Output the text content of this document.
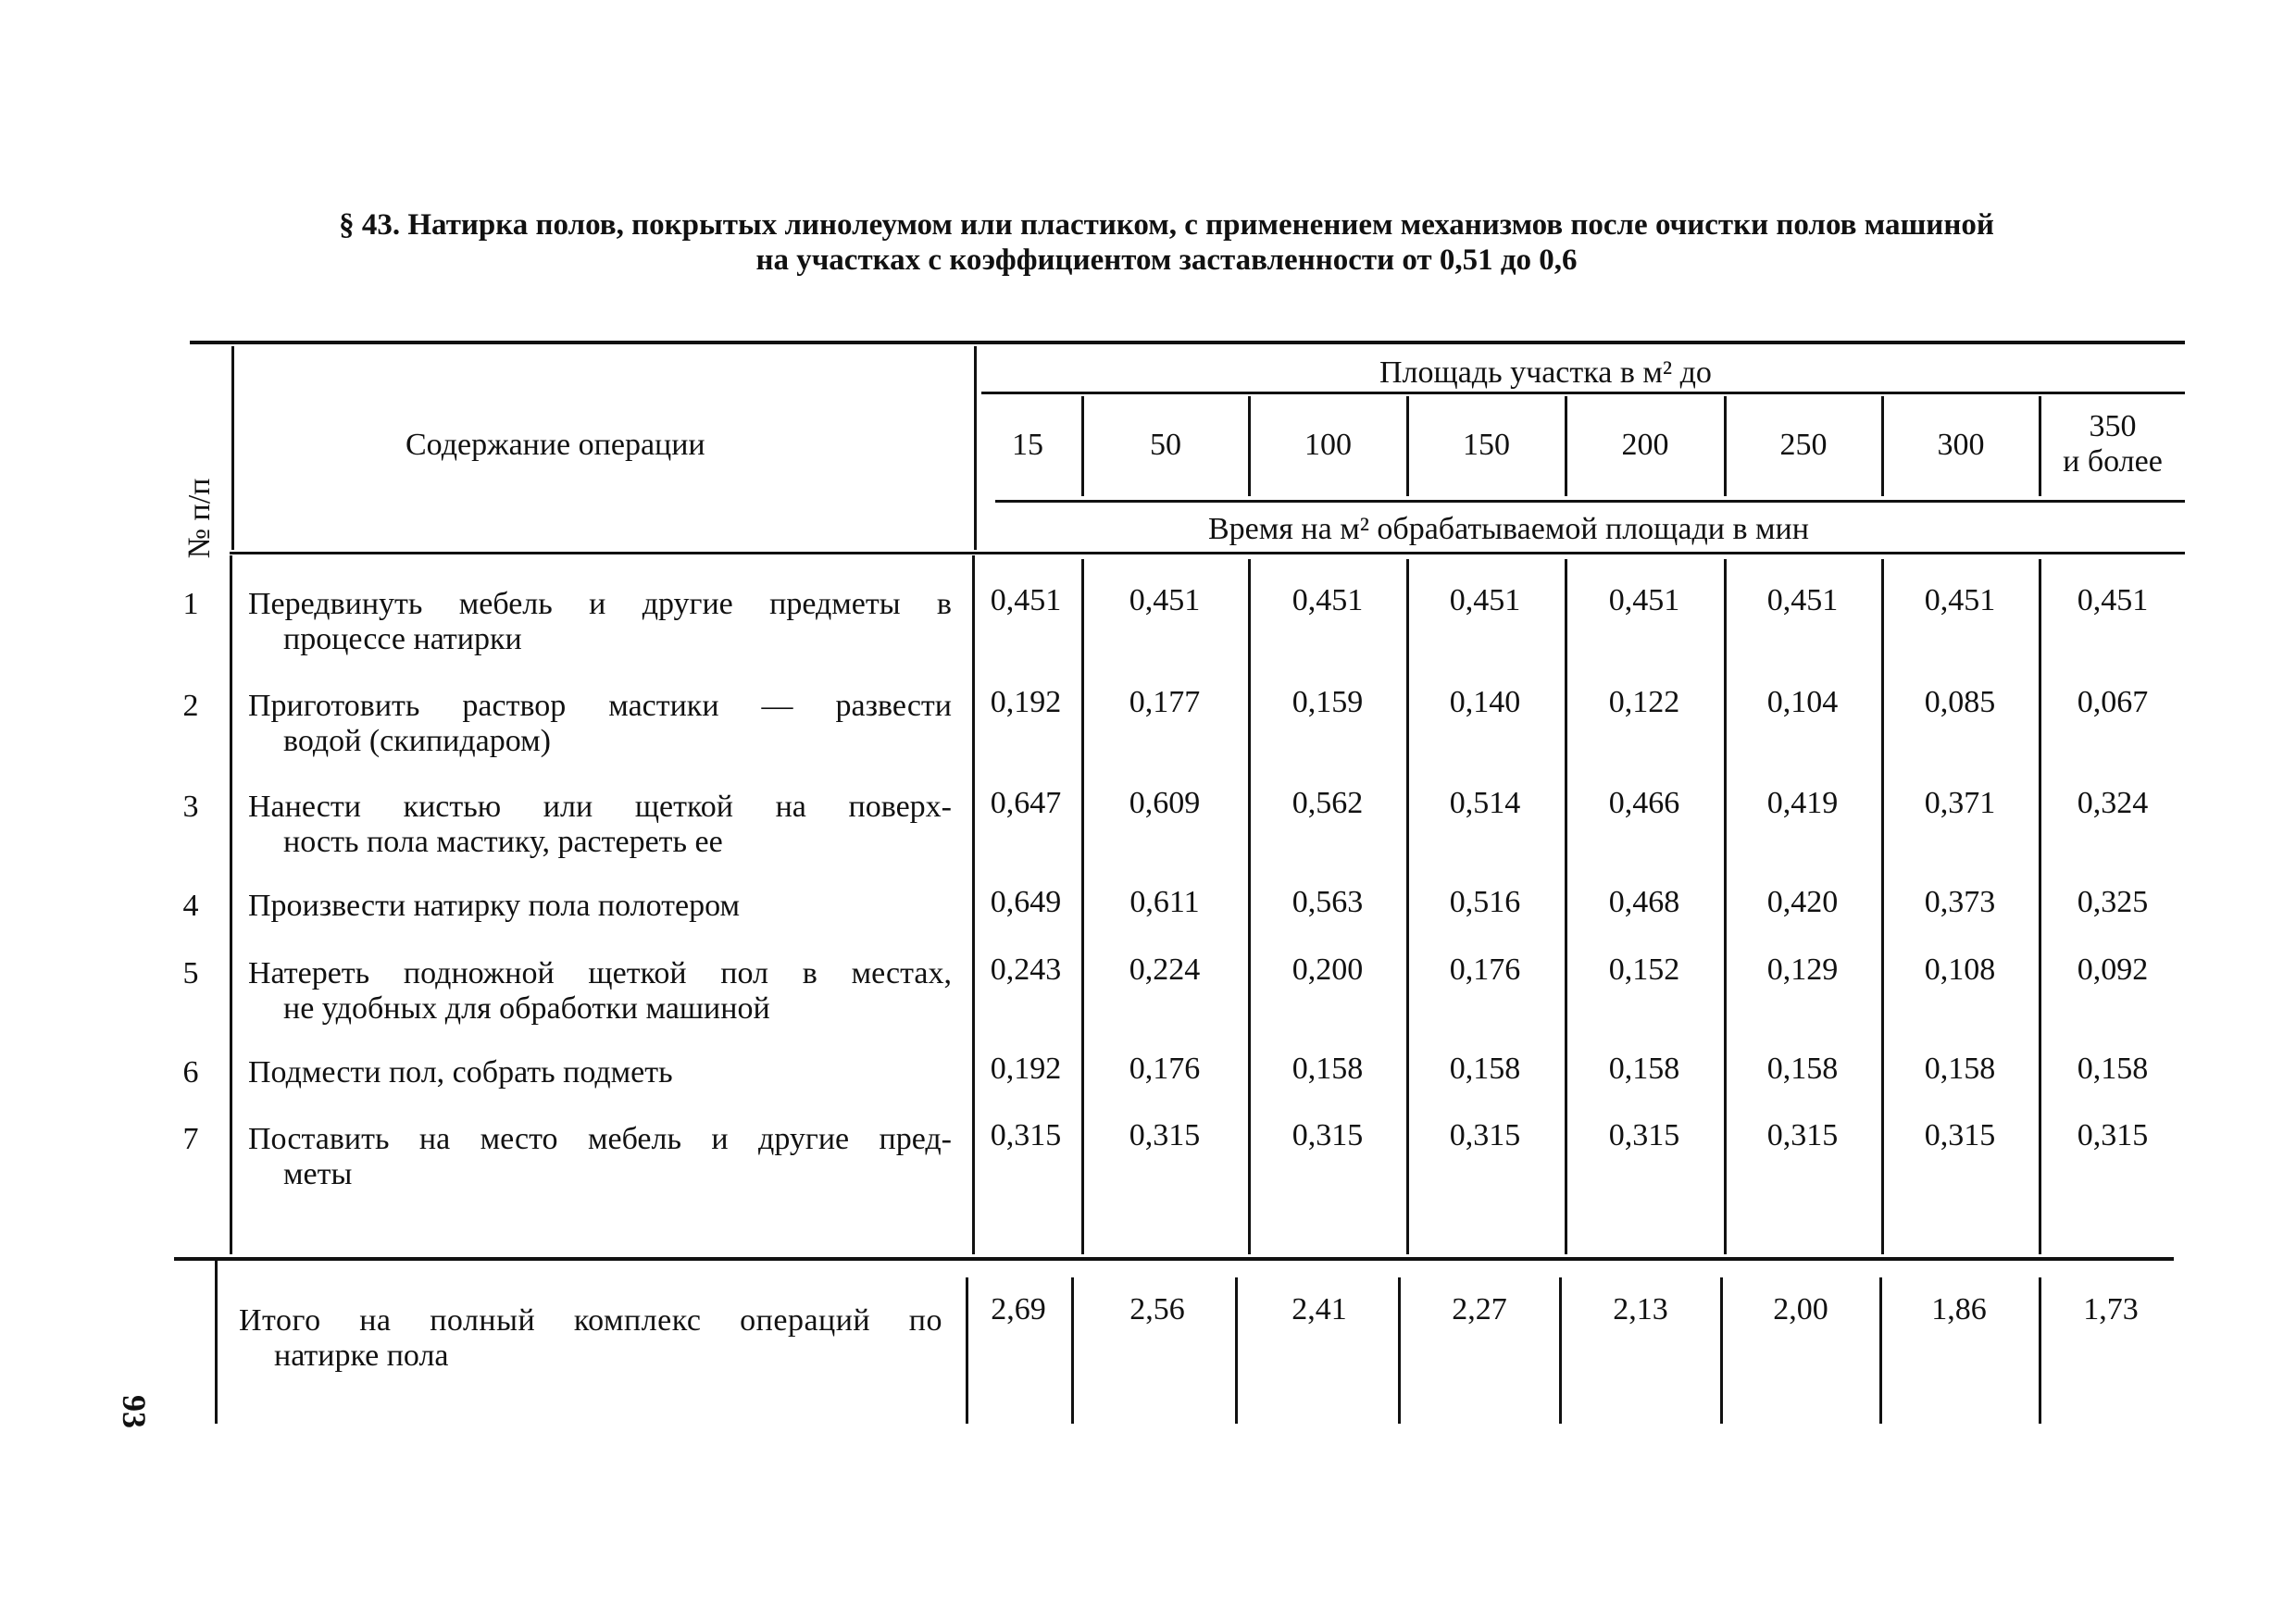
§ 43. Натирка полов, покрытых линолеумом или пластиком, с применением механизмов после очистки полов машиной
на участках с коэффициентом заставленности от 0,51 до 0,6
№ п/п
Содержание операции
Площадь участка в м² до
15	50	100	150	200	250	300
350
и более
Время на м² обрабатываемой площади в мин
1 Передвинуть мебель и другие предметы в
процессе натирки
0,451	0,451	0,451	0,451	0,451	0,451	0,451	0,451
2 Приготовить раствор мастики — развести
водой (скипидаром)
0,192	0,177	0,159	0,140	0,122	0,104	0,085	0,067
3 Нанести кистью или щеткой на поверх-
ность пола мастику, растереть ее
0,647	0,609	0,562	0,514	0,466	0,419	0,371	0,324
4 Произвести натирку пола полотером	0,649	0,611	0,563	0,516	0,468	0,420	0,373	0,325
5 Натереть подножной щеткой пол в местах,
не удобных для обработки машиной
0,243	0,224	0,200	0,176	0,152	0,129	0,108	0,092
6 Подмести пол, собрать подметь	0,192	0,176	0,158	0,158	0,158	0,158	0,158	0,158
7 Поставить на место мебель и другие пред-
меты
0,315	0,315	0,315	0,315	0,315	0,315	0,315	0,315
Итого на полный комплекс операций по
натирке пола
2,69	2,56	2,41	2,27	2,13	2,00	1,86	1,73
93
